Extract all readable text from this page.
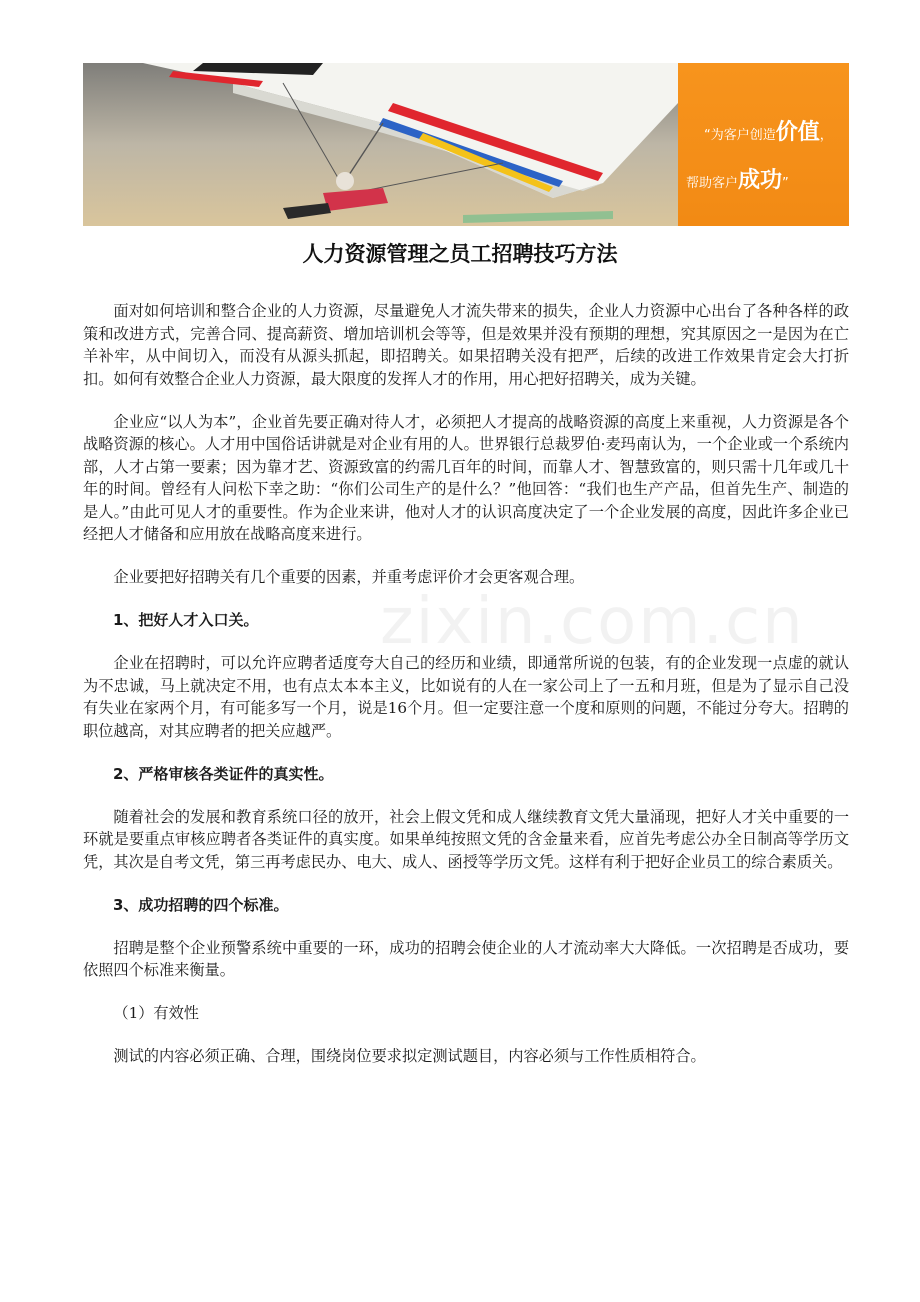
“为客户创造价值，
帮助客户成功”
人力资源管理之员工招聘技巧方法
zixin.com.cn

面对如何培训和整合企业的人力资源，尽量避免人才流失带来的损失，企业人力资源中心出台了各种各样的政策和改进方式，完善合同、提高薪资、增加培训机会等等，但是效果并没有预期的理想，究其原因之一是因为在亡羊补牢，从中间切入，而没有从源头抓起，即招聘关。如果招聘关没有把严，后续的改进工作效果肯定会大打折扣。如何有效整合企业人力资源，最大限度的发挥人才的作用，用心把好招聘关，成为关键。

企业应“以人为本”，企业首先要正确对待人才，必须把人才提高的战略资源的高度上来重视，人力资源是各个战略资源的核心。人才用中国俗话讲就是对企业有用的人。世界银行总裁罗伯·麦玛南认为，一个企业或一个系统内部，人才占第一要素；因为靠才艺、资源致富的约需几百年的时间，而靠人才、智慧致富的，则只需十几年或几十年的时间。曾经有人问松下幸之助：“你们公司生产的是什么？”他回答：“我们也生产产品，但首先生产、制造的是人。”由此可见人才的重要性。作为企业来讲，他对人才的认识高度决定了一个企业发展的高度，因此许多企业已经把人才储备和应用放在战略高度来进行。

企业要把好招聘关有几个重要的因素，并重考虑评价才会更客观合理。

1、把好人才入口关。

企业在招聘时，可以允许应聘者适度夸大自己的经历和业绩，即通常所说的包装，有的企业发现一点虚的就认为不忠诚，马上就决定不用，也有点太本本主义，比如说有的人在一家公司上了一五和月班，但是为了显示自己没有失业在家两个月，有可能多写一个月，说是16个月。但一定要注意一个度和原则的问题，不能过分夸大。招聘的职位越高，对其应聘者的把关应越严。

2、严格审核各类证件的真实性。

随着社会的发展和教育系统口径的放开，社会上假文凭和成人继续教育文凭大量涌现，把好人才关中重要的一环就是要重点审核应聘者各类证件的真实度。如果单纯按照文凭的含金量来看，应首先考虑公办全日制高等学历文凭，其次是自考文凭，第三再考虑民办、电大、成人、函授等学历文凭。这样有利于把好企业员工的综合素质关。

3、成功招聘的四个标准。

招聘是整个企业预警系统中重要的一环，成功的招聘会使企业的人才流动率大大降低。一次招聘是否成功，要依照四个标准来衡量。

（1）有效性

测试的内容必须正确、合理，围绕岗位要求拟定测试题目，内容必须与工作性质相符合。
